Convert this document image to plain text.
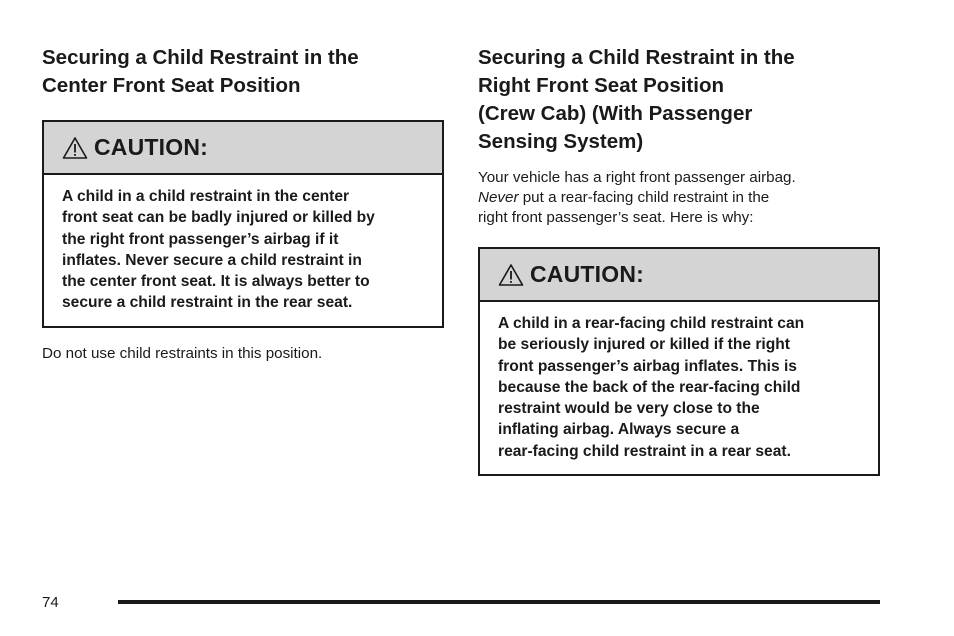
Securing a Child Restraint in the
Center Front Seat Position
CAUTION:
A child in a child restraint in the center
front seat can be badly injured or killed by
the right front passenger’s airbag if it
inflates. Never secure a child restraint in
the center front seat. It is always better to
secure a child restraint in the rear seat.

Do not use child restraints in this position.

Securing a Child Restraint in the
Right Front Seat Position
(Crew Cab) (With Passenger
Sensing System)

Your vehicle has a right front passenger airbag.
Never put a rear-facing child restraint in the
right front passenger’s seat. Here is why:

CAUTION:
A child in a rear-facing child restraint can
be seriously injured or killed if the right
front passenger’s airbag inflates. This is
because the back of the rear-facing child
restraint would be very close to the
inflating airbag. Always secure a
rear-facing child restraint in a rear seat.
74
